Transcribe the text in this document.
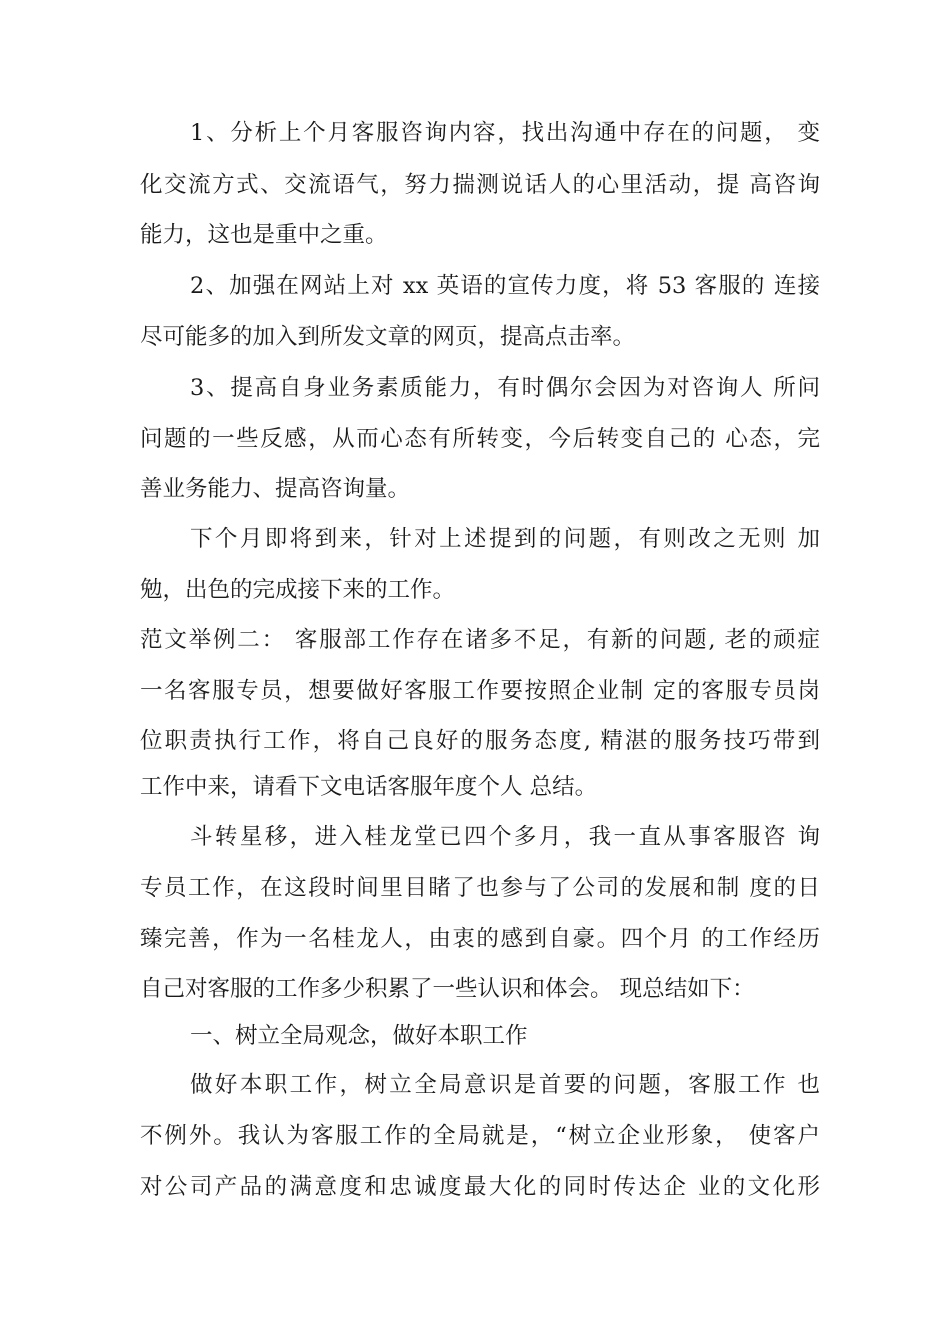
1、分析上个月客服咨询内容，找出沟通中存在的问题， 变
化交流方式、交流语气，努力揣测说话人的心里活动，提 高咨询
能力，这也是重中之重。
2、加强在网站上对 xx 英语的宣传力度，将 53 客服的 连接
尽可能多的加入到所发文章的网页，提高点击率。
3、提高自身业务素质能力，有时偶尔会因为对咨询人 所问
问题的一些反感，从而心态有所转变，今后转变自己的 心态，完
善业务能力、提高咨询量。
下个月即将到来，针对上述提到的问题，有则改之无则 加
勉，出色的完成接下来的工作。
范文举例二： 客服部工作存在诸多不足，有新的问题, 老的顽症
一名客服专员，想要做好客服工作要按照企业制 定的客服专员岗
位职责执行工作，将自己良好的服务态度, 精湛的服务技巧带到
工作中来，请看下文电话客服年度个人 总结。
斗转星移，进入桂龙堂已四个多月，我一直从事客服咨 询
专员工作，在这段时间里目睹了也参与了公司的发展和制 度的日
臻完善，作为一名桂龙人，由衷的感到自豪。四个月 的工作经历
自己对客服的工作多少积累了一些认识和体会。 现总结如下：
一、树立全局观念，做好本职工作
做好本职工作，树立全局意识是首要的问题，客服工作 也
不例外。我认为客服工作的全局就是，“树立企业形象， 使客户
对公司产品的满意度和忠诚度最大化的同时传达企 业的文化形
